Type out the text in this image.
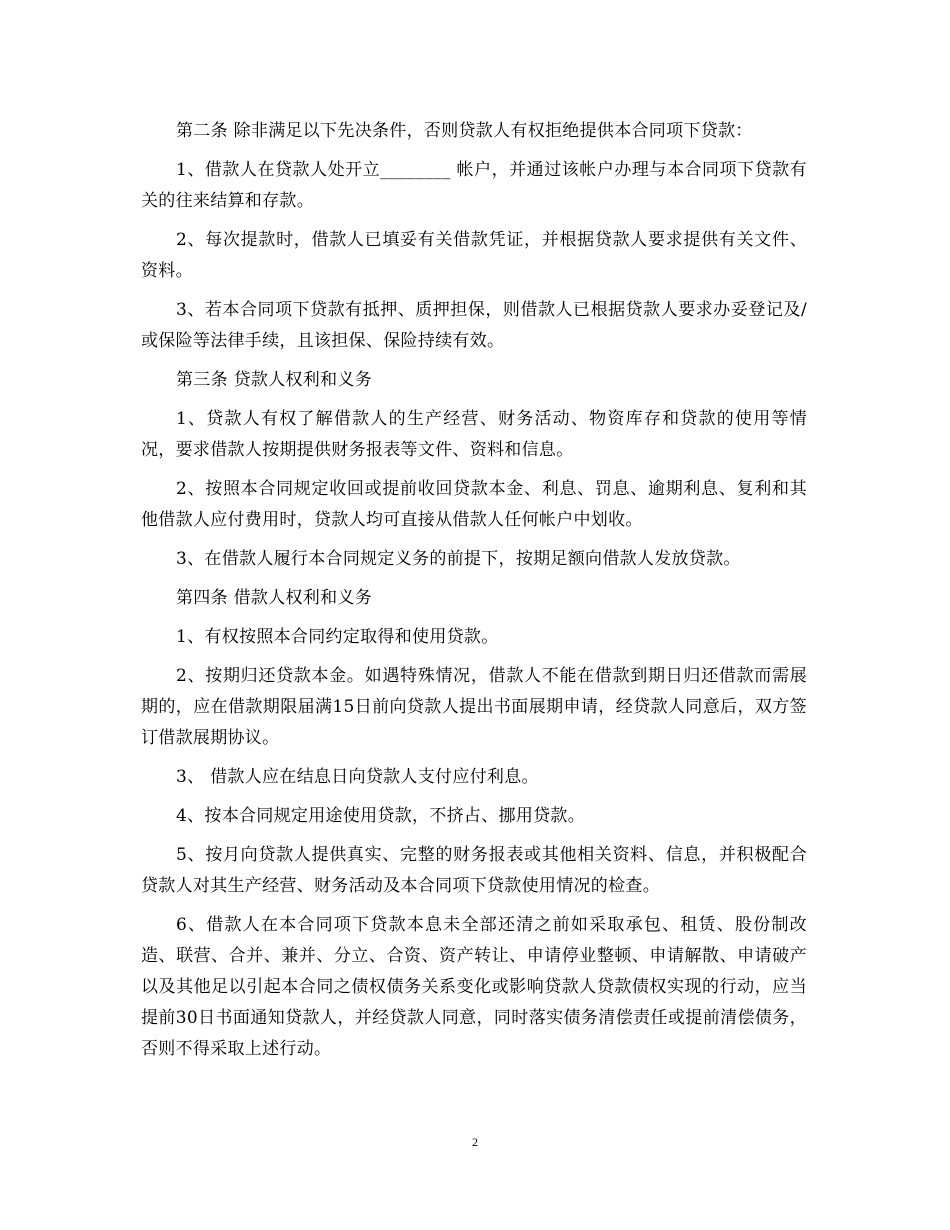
第二条 除非满足以下先决条件，否则贷款人有权拒绝提供本合同项下贷款：

1、借款人在贷款人处开立________ 帐户，并通过该帐户办理与本合同项下贷款有关的往来结算和存款。

2、每次提款时，借款人已填妥有关借款凭证，并根据贷款人要求提供有关文件、资料。

3、若本合同项下贷款有抵押、质押担保，则借款人已根据贷款人要求办妥登记及/或保险等法律手续，且该担保、保险持续有效。

第三条 贷款人权利和义务

1、贷款人有权了解借款人的生产经营、财务活动、物资库存和贷款的使用等情况，要求借款人按期提供财务报表等文件、资料和信息。

2、按照本合同规定收回或提前收回贷款本金、利息、罚息、逾期利息、复利和其他借款人应付费用时，贷款人均可直接从借款人任何帐户中划收。

3、在借款人履行本合同规定义务的前提下，按期足额向借款人发放贷款。

第四条 借款人权利和义务

1、有权按照本合同约定取得和使用贷款。

2、按期归还贷款本金。如遇特殊情况，借款人不能在借款到期日归还借款而需展期的，应在借款期限届满15日前向贷款人提出书面展期申请，经贷款人同意后，双方签订借款展期协议。

3、 借款人应在结息日向贷款人支付应付利息。

4、按本合同规定用途使用贷款，不挤占、挪用贷款。

5、按月向贷款人提供真实、完整的财务报表或其他相关资料、信息，并积极配合贷款人对其生产经营、财务活动及本合同项下贷款使用情况的检查。

6、借款人在本合同项下贷款本息未全部还清之前如采取承包、租赁、股份制改造、联营、合并、兼并、分立、合资、资产转让、申请停业整顿、申请解散、申请破产以及其他足以引起本合同之债权债务关系变化或影响贷款人贷款债权实现的行动，应当提前30日书面通知贷款人，并经贷款人同意，同时落实债务清偿责任或提前清偿债务，否则不得采取上述行动。

2
